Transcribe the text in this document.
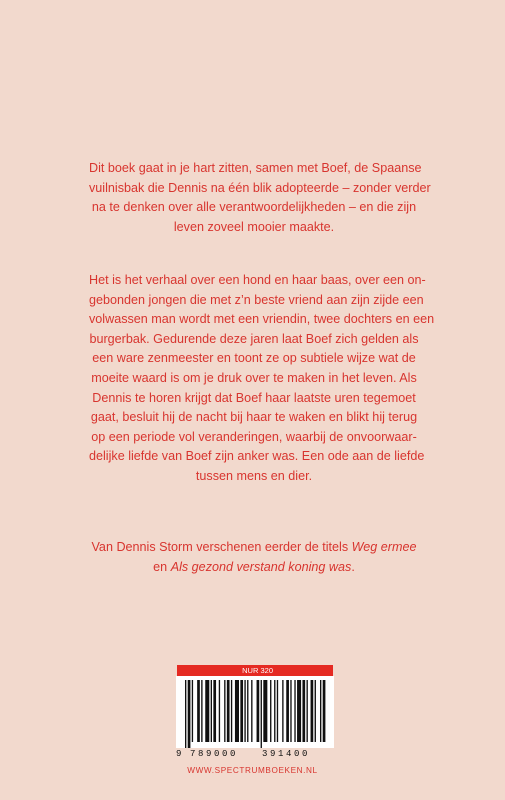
Dit boek gaat in je hart zitten, samen met Boef, de Spaanse
vuilnisbak die Dennis na één blik adopteerde – zonder verder
na te denken over alle verantwoordelijkheden – en die zijn
leven zoveel mooier maakte.
Het is het verhaal over een hond en haar baas, over een on-
gebonden jongen die met z’n beste vriend aan zijn zijde een
volwassen man wordt met een vriendin, twee dochters en een
burgerbak. Gedurende deze jaren laat Boef zich gelden als
een ware zenmeester en toont ze op subtiele wijze wat de
moeite waard is om je druk over te maken in het leven. Als
Dennis te horen krijgt dat Boef haar laatste uren tegemoet
gaat, besluit hij de nacht bij haar te waken en blikt hij terug
op een periode vol veranderingen, waarbij de onvoorwaar-
delijke liefde van Boef zijn anker was. Een ode aan de liefde
tussen mens en dier.
Van Dennis Storm verschenen eerder de titels Weg ermee
en Als gezond verstand koning was.
NUR 320
9 789000	391400
WWW.SPECTRUMBOEKEN.NL
